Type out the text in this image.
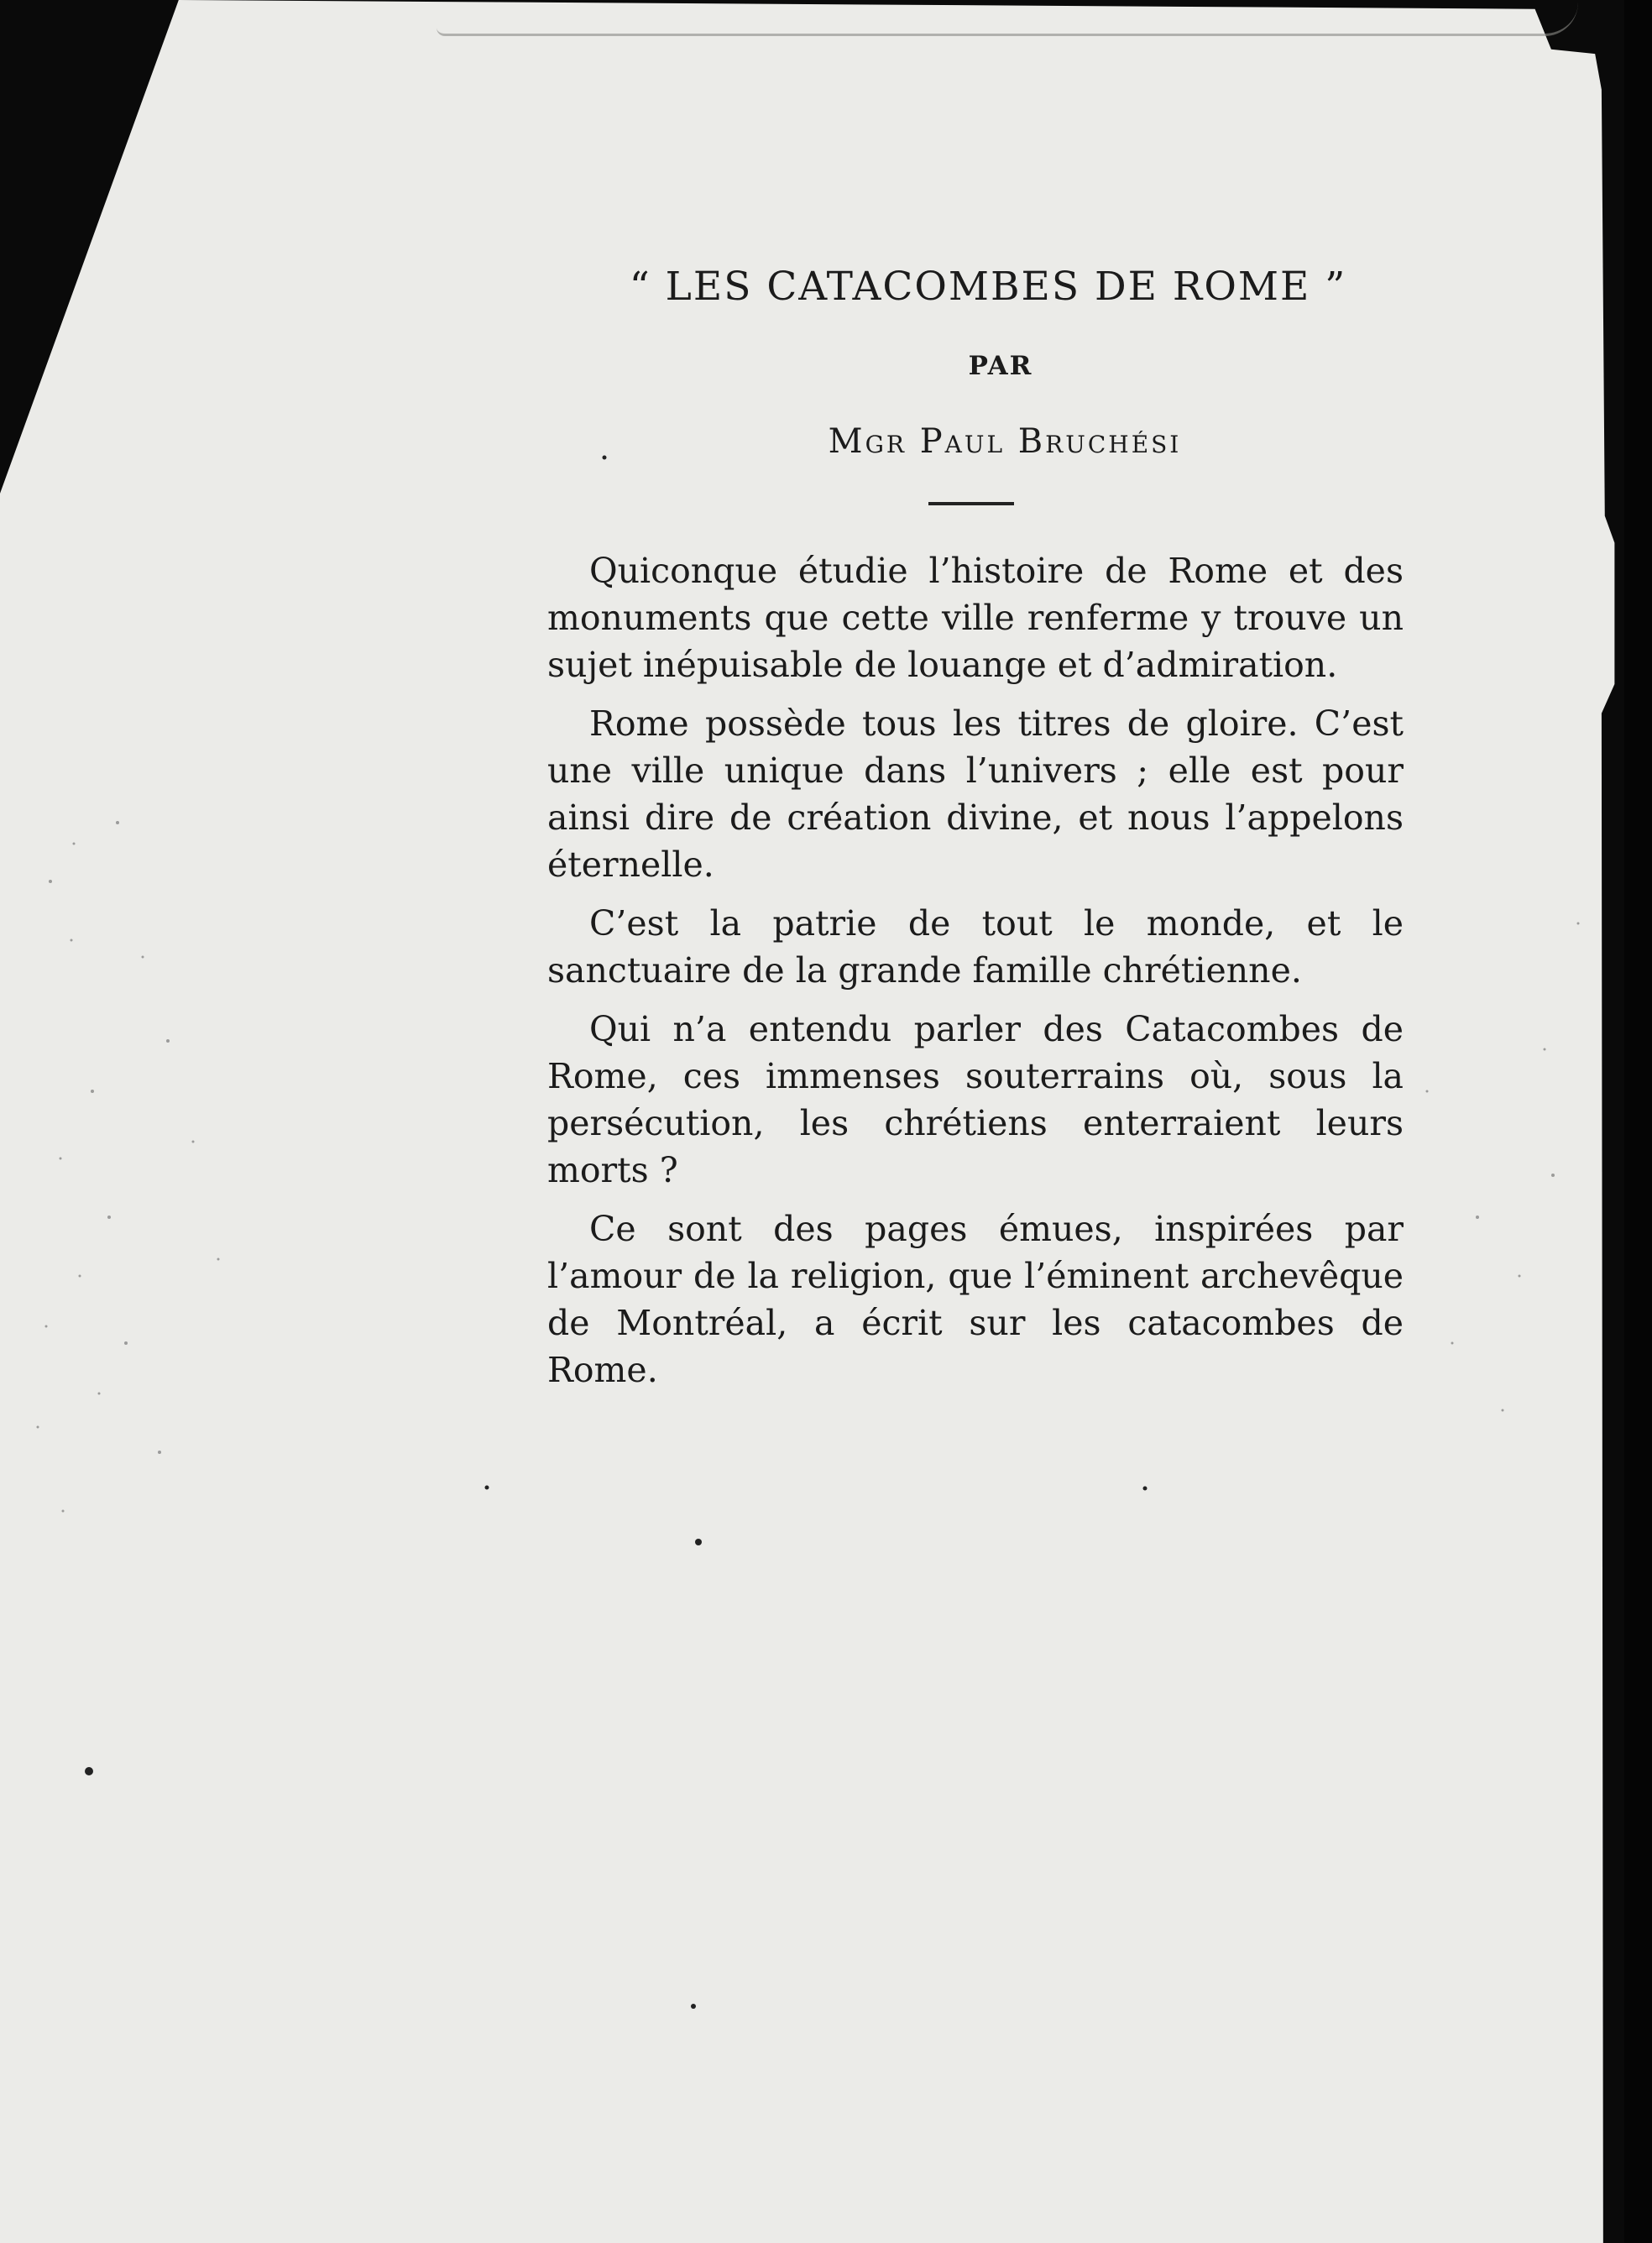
“ LES CATACOMBES DE ROME ”
PAR
Mgr Paul Bruchési

Quiconque étudie l’histoire de Rome et des monuments que cette ville renferme y trouve un sujet inépuisable de louange et d’admiration.

Rome possède tous les titres de gloire. C’est une ville unique dans l’univers ; elle est pour ainsi dire de création divine, et nous l’appelons éternelle.

C’est la patrie de tout le monde, et le sanctuaire de la grande famille chrétienne.

Qui n’a entendu parler des Catacombes de Rome, ces immenses souterrains où, sous la persécution, les chrétiens enterraient leurs morts ?

Ce sont des pages émues, inspirées par l’amour de la religion, que l’éminent archevêque de Montréal, a écrit sur les catacombes de Rome.
